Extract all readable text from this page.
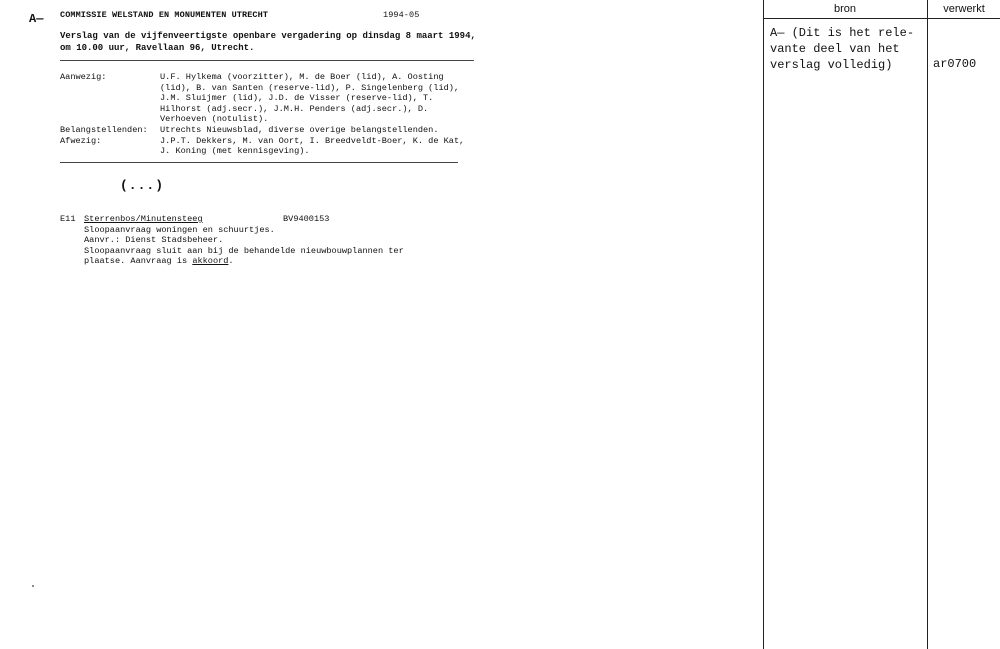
A— COMMISSIE WELSTAND EN MONUMENTEN UTRECHT	1994-05
Verslag van de vijfenveertigste openbare vergadering op dinsdag 8 maart 1994,
om 10.00 uur, Ravellaan 96, Utrecht.
Aanwezig:	U.F. Hylkema (voorzitter), M. de Boer (lid), A. Oosting
(lid), B. van Santen (reserve-lid), P. Singelenberg (lid),
J.M. Sluijmer (lid), J.D. de Visser (reserve-lid), T.
Hilhorst (adj.secr.), J.M.H. Penders (adj.secr.), D.
Verhoeven (notulist).
Belangstellenden: Utrechts Nieuwsblad, diverse overige belangstellenden.
Afwezig:	J.P.T. Dekkers, M. van Oort, I. Breedveldt-Boer, K. de Kat,
J. Koning (met kennisgeving).
(...)
E11 Sterrenbos/Minutensteeg	BV9400153
Sloopaanvraag woningen en schuurtjes.
Aanvr.: Dienst Stadsbeheer.
Sloopaanvraag sluit aan bij de behandelde nieuwbouwplannen ter
plaatse. Aanvraag is akkoord.
bron	verwerkt
A— (Dit is het rele-
vante deel van het
verslag volledig)	ar0700
